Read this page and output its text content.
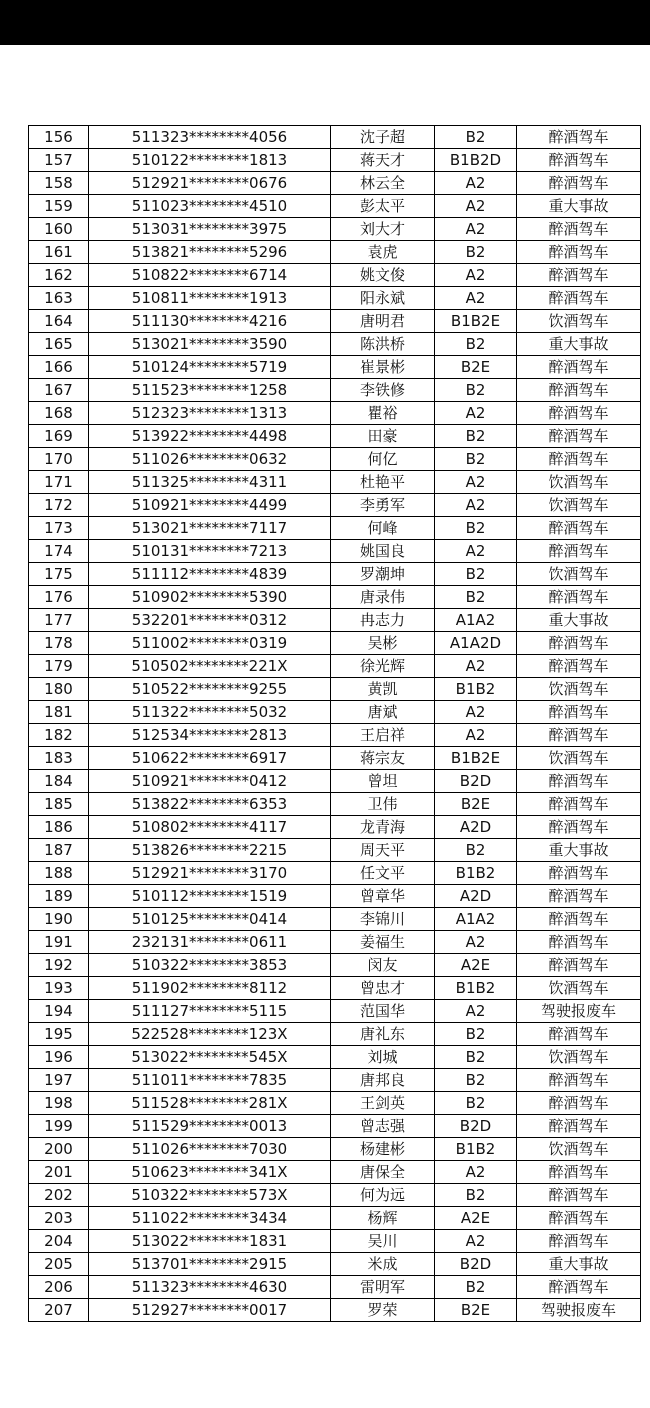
156	511323********4056	沈子超	B2	醉酒驾车
157	510122********1813	蒋天才	B1B2D	醉酒驾车
158	512921********0676	林云全	A2	醉酒驾车
159	511023********4510	彭太平	A2	重大事故
160	513031********3975	刘大才	A2	醉酒驾车
161	513821********5296	袁虎	B2	醉酒驾车
162	510822********6714	姚文俊	A2	醉酒驾车
163	510811********1913	阳永斌	A2	醉酒驾车
164	511130********4216	唐明君	B1B2E	饮酒驾车
165	513021********3590	陈洪桥	B2	重大事故
166	510124********5719	崔景彬	B2E	醉酒驾车
167	511523********1258	李铁修	B2	醉酒驾车
168	512323********1313	瞿裕	A2	醉酒驾车
169	513922********4498	田豪	B2	醉酒驾车
170	511026********0632	何亿	B2	醉酒驾车
171	511325********4311	杜艳平	A2	饮酒驾车
172	510921********4499	李勇军	A2	饮酒驾车
173	513021********7117	何峰	B2	醉酒驾车
174	510131********7213	姚国良	A2	醉酒驾车
175	511112********4839	罗潮坤	B2	饮酒驾车
176	510902********5390	唐录伟	B2	醉酒驾车
177	532201********0312	冉志力	A1A2	重大事故
178	511002********0319	吴彬	A1A2D	醉酒驾车
179	510502********221X	徐光辉	A2	醉酒驾车
180	510522********9255	黄凯	B1B2	饮酒驾车
181	511322********5032	唐斌	A2	醉酒驾车
182	512534********2813	王启祥	A2	醉酒驾车
183	510622********6917	蒋宗友	B1B2E	饮酒驾车
184	510921********0412	曾坦	B2D	醉酒驾车
185	513822********6353	卫伟	B2E	醉酒驾车
186	510802********4117	龙青海	A2D	醉酒驾车
187	513826********2215	周天平	B2	重大事故
188	512921********3170	任文平	B1B2	醉酒驾车
189	510112********1519	曾章华	A2D	醉酒驾车
190	510125********0414	李锦川	A1A2	醉酒驾车
191	232131********0611	姜福生	A2	醉酒驾车
192	510322********3853	闵友	A2E	醉酒驾车
193	511902********8112	曾忠才	B1B2	饮酒驾车
194	511127********5115	范国华	A2	驾驶报废车
195	522528********123X	唐礼东	B2	醉酒驾车
196	513022********545X	刘城	B2	饮酒驾车
197	511011********7835	唐邦良	B2	醉酒驾车
198	511528********281X	王剑英	B2	醉酒驾车
199	511529********0013	曾志强	B2D	醉酒驾车
200	511026********7030	杨建彬	B1B2	饮酒驾车
201	510623********341X	唐保全	A2	醉酒驾车
202	510322********573X	何为远	B2	醉酒驾车
203	511022********3434	杨辉	A2E	醉酒驾车
204	513022********1831	吴川	A2	醉酒驾车
205	513701********2915	米成	B2D	重大事故
206	511323********4630	雷明军	B2	醉酒驾车
207	512927********0017	罗荣	B2E	驾驶报废车
